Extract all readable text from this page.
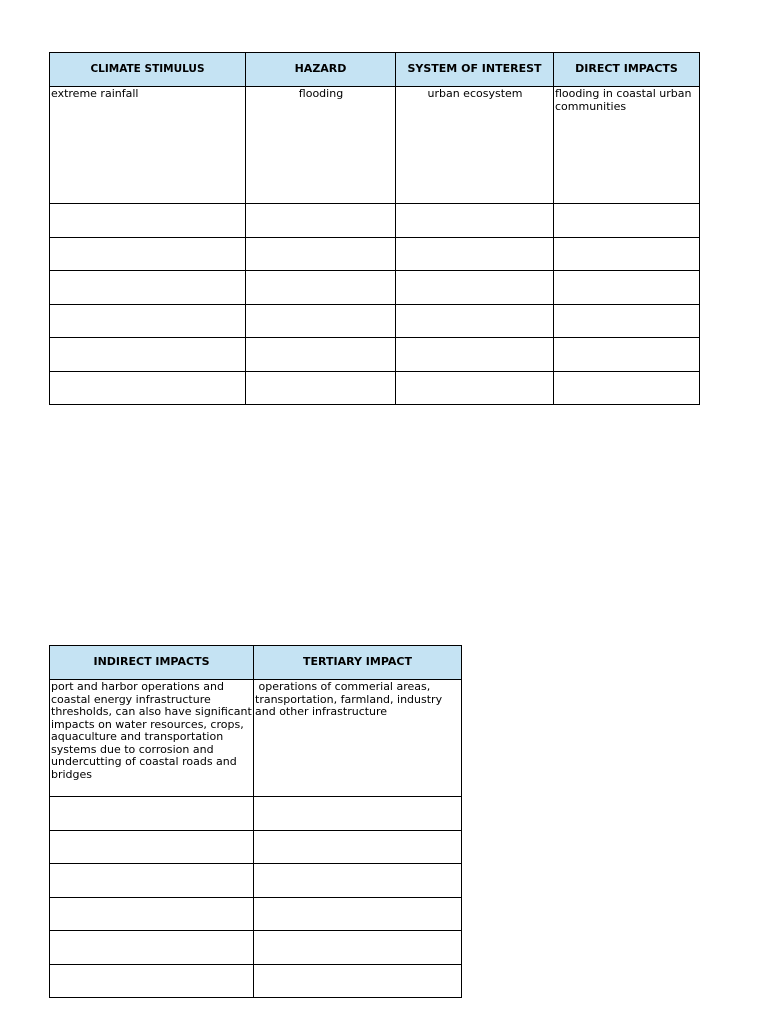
CLIMATE STIMULUS	HAZARD	SYSTEM OF INTEREST	DIRECT IMPACTS
extreme rainfall	flooding	urban ecosystem	flooding in coastal urban communities

INDIRECT IMPACTS	TERTIARY IMPACT
port and harbor operations and coastal energy infrastructure thresholds, can also have significant impacts on water resources, crops, aquaculture and transportation systems due to corrosion and undercutting of coastal roads and bridges	operations of commerial areas, transportation, farmland, industry and other infrastructure
